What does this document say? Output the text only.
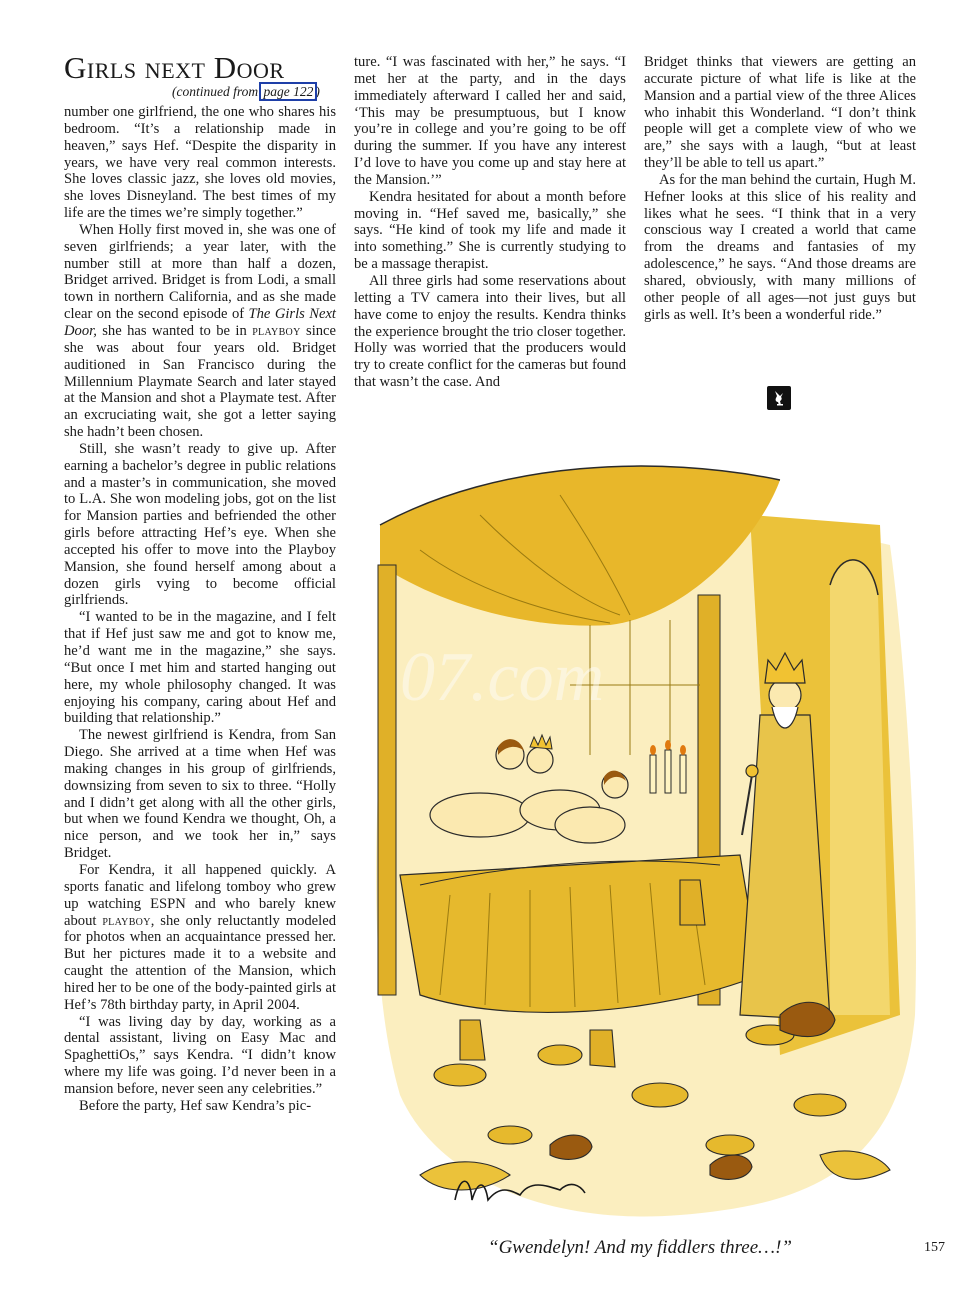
Girls next Door
(continued from page 122 )

number one girlfriend, the one who shares his bedroom. “It’s a relationship made in heaven,” says Hef. “Despite the disparity in years, we have very real common interests. She loves classic jazz, she loves old movies, she loves Disneyland. The best times of my life are the times we’re simply together.”

When Holly first moved in, she was one of seven girlfriends; a year later, with the number still at more than half a dozen, Bridget arrived. Bridget is from Lodi, a small town in northern California, and as she made clear on the second episode of The Girls Next Door, she has wanted to be in playboy since she was about four years old. Bridget auditioned in San Francisco during the Millennium Playmate Search and later stayed at the Mansion and shot a Playmate test. After an excruciating wait, she got a letter saying she hadn’t been chosen.

Still, she wasn’t ready to give up. After earning a bachelor’s degree in public relations and a master’s in communication, she moved to L.A. She won modeling jobs, got on the list for Mansion parties and befriended the other girls before attracting Hef’s eye. When she accepted his offer to move into the Playboy Mansion, she found herself among about a dozen girls vying to become official girlfriends.

“I wanted to be in the magazine, and I felt that if Hef just saw me and got to know me, he’d want me in the magazine,” she says. “But once I met him and started hanging out here, my whole philosophy changed. It was enjoying his company, caring about Hef and building that relationship.”

The newest girlfriend is Kendra, from San Diego. She arrived at a time when Hef was making changes in his group of girlfriends, downsizing from seven to six to three. “Holly and I didn’t get along with all the other girls, but when we found Kendra we thought, Oh, a nice person, and we took her in,” says Bridget.

For Kendra, it all happened quickly. A sports fanatic and lifelong tomboy who grew up watching ESPN and who barely knew about playboy, she only reluctantly modeled for photos when an acquaintance pressed her. But her pictures made it to a website and caught the attention of the Mansion, which hired her to be one of the body-painted girls at Hef’s 78th birthday party, in April 2004.

“I was living day by day, working as a dental assistant, living on Easy Mac and SpaghettiOs,” says Kendra. “I didn’t know where my life was going. I’d never been in a mansion before, never seen any celebrities.”

Before the party, Hef saw Kendra’s pic-

ture. “I was fascinated with her,” he says. “I met her at the party, and in the days immediately afterward I called her and said, ‘This may be presumptuous, but I know you’re in college and you’re going to be off during the summer. If you have any interest I’d love to have you come up and stay here at the Mansion.’”

Kendra hesitated for about a month before moving in. “Hef saved me, basically,” she says. “He kind of took my life and made it into something.” She is currently studying to be a massage therapist.

All three girls had some reservations about letting a TV camera into their lives, but all have come to enjoy the results. Kendra thinks the experience brought the trio closer together. Holly was worried that the producers would try to create conflict for the cameras but found that wasn’t the case. And

Bridget thinks that viewers are getting an accurate picture of what life is like at the Mansion and a partial view of the three Alices who inhabit this Wonderland. “I don’t think people will get a complete view of who we are,” she says with a laugh, “but at least they’ll be able to tell us apart.”

As for the man behind the curtain, Hugh M. Hefner looks at this slice of his reality and likes what he sees. “I think that in a very conscious way I created a world that came from the dreams and fantasies of my adolescence,” he says. “And those dreams are shared, obviously, with many millions of other people of all ages—not just guys but girls as well. It’s been a wonderful ride.”

07.com
“Gwendelyn! And my fiddlers three…!”	157
